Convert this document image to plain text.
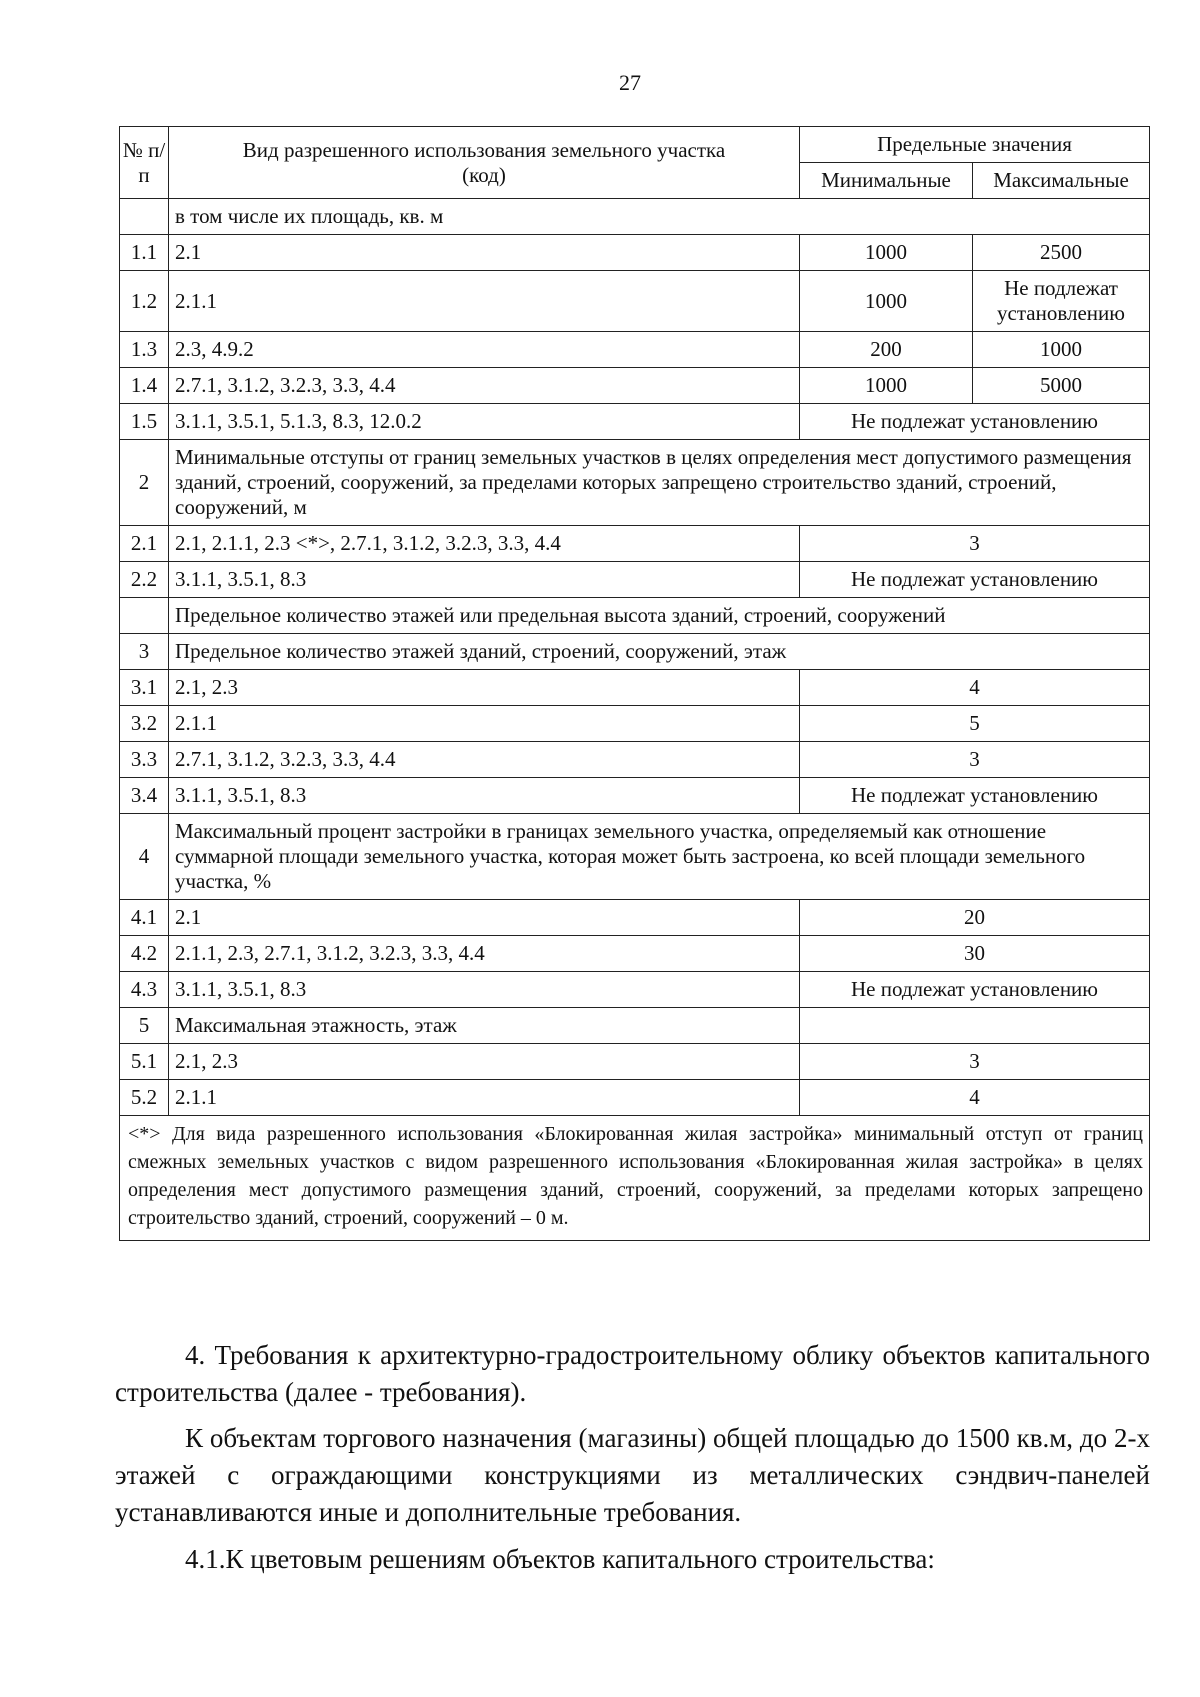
27
№ п/п	Вид разрешенного использования земельного участка (код)	Предельные значения	
		Минимальные	Максимальные
	в том числе их площадь, кв. м		
1.1	2.1	1000	2500
1.2	2.1.1	1000	Не подлежат установлению
1.3	2.3, 4.9.2	200	1000
1.4	2.7.1, 3.1.2, 3.2.3, 3.3, 4.4	1000	5000
1.5	3.1.1, 3.5.1, 5.1.3, 8.3, 12.0.2	Не подлежат установлению	
2	Минимальные отступы от границ земельных участков в целях определения мест допустимого размещения зданий, строений, сооружений, за пределами которых запрещено строительство зданий, строений, сооружений, м		
2.1	2.1, 2.1.1, 2.3 <*>, 2.7.1, 3.1.2, 3.2.3, 3.3, 4.4	3	
2.2	3.1.1, 3.5.1, 8.3	Не подлежат установлению	
	Предельное количество этажей или предельная высота зданий, строений, сооружений		
3	Предельное количество этажей зданий, строений, сооружений, этаж		
3.1	2.1, 2.3	4	
3.2	2.1.1	5	
3.3	2.7.1, 3.1.2, 3.2.3, 3.3, 4.4	3	
3.4	3.1.1, 3.5.1, 8.3	Не подлежат установлению	
4	Максимальный процент застройки в границах земельного участка, определяемый как отношение суммарной площади земельного участка, которая может быть застроена, ко всей площади земельного участка, %		
4.1	2.1	20	
4.2	2.1.1, 2.3, 2.7.1, 3.1.2, 3.2.3, 3.3, 4.4	30	
4.3	3.1.1, 3.5.1, 8.3	Не подлежат установлению	
5	Максимальная этажность, этаж		
5.1	2.1, 2.3	3	
5.2	2.1.1	4	
<*> Для вида разрешенного использования «Блокированная жилая застройка» минимальный отступ от границ смежных земельных участков с видом разрешенного использования «Блокированная жилая застройка» в целях определения мест допустимого размещения зданий, строений, сооружений, за пределами которых запрещено строительство зданий, строений, сооружений – 0 м.			
4. Требования к архитектурно-градостроительному облику объектов капитального строительства (далее - требования).
К объектам торгового назначения (магазины) общей площадью до 1500 кв.м, до 2-х этажей с ограждающими конструкциями из металлических сэндвич-панелей устанавливаются иные и дополнительные требования.
4.1.К цветовым решениям объектов капитального строительства:
